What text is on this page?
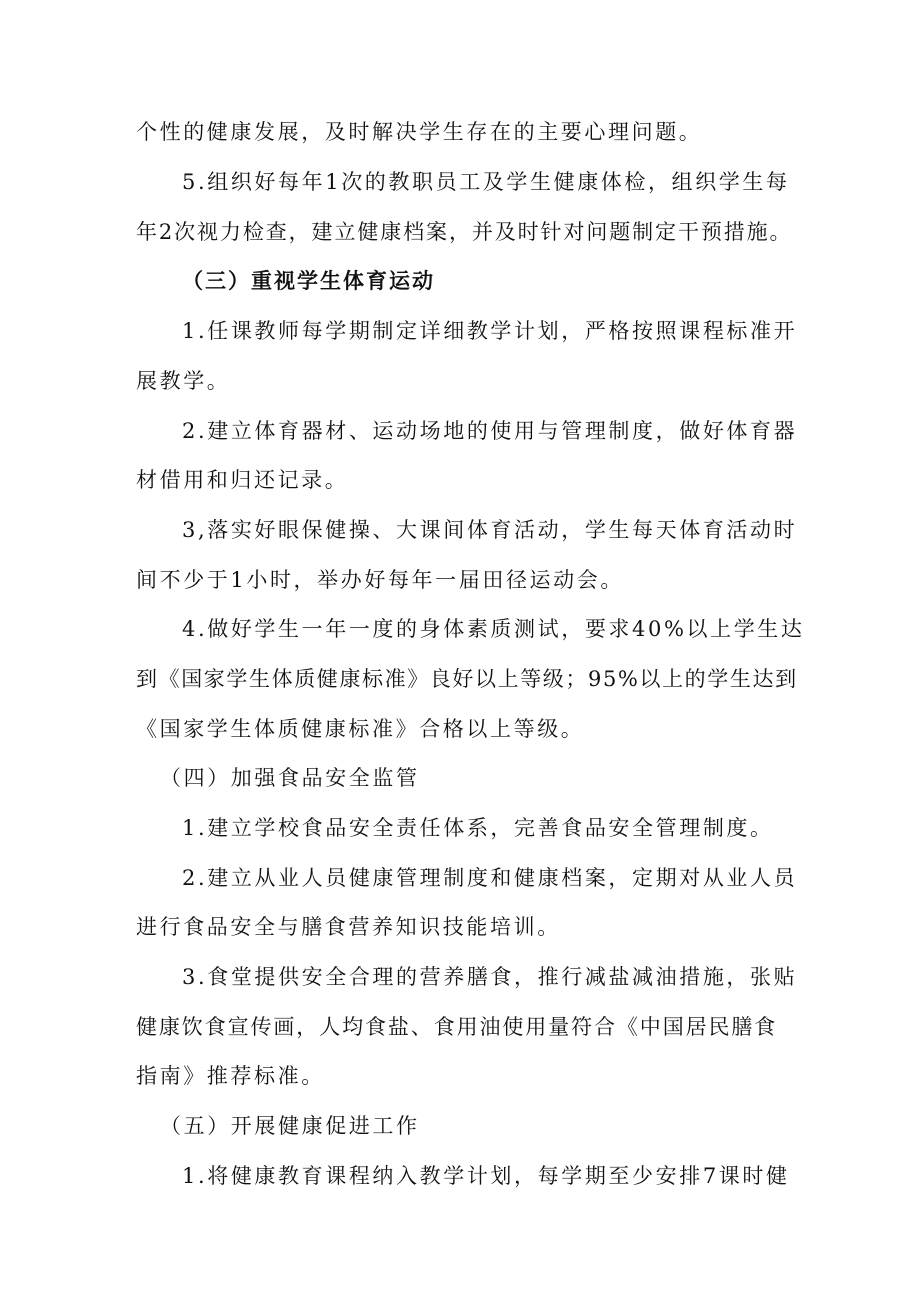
个性的健康发展，及时解决学生存在的主要心理问题。
5.组织好每年1次的教职员工及学生健康体检，组织学生每
年2次视力检查，建立健康档案，并及时针对问题制定干预措施。
（三）重视学生体育运动
1.任课教师每学期制定详细教学计划，严格按照课程标准开
展教学。
2.建立体育器材、运动场地的使用与管理制度，做好体育器
材借用和归还记录。
3,落实好眼保健操、大课间体育活动，学生每天体育活动时
间不少于1小时，举办好每年一届田径运动会。
4.做好学生一年一度的身体素质测试，要求40%以上学生达
到《国家学生体质健康标准》良好以上等级；95%以上的学生达到
《国家学生体质健康标准》合格以上等级。
（四）加强食品安全监管
1.建立学校食品安全责任体系，完善食品安全管理制度。
2.建立从业人员健康管理制度和健康档案，定期对从业人员
进行食品安全与膳食营养知识技能培训。
3.食堂提供安全合理的营养膳食，推行减盐减油措施，张贴
健康饮食宣传画，人均食盐、食用油使用量符合《中国居民膳食
指南》推荐标准。
（五）开展健康促进工作
1.将健康教育课程纳入教学计划，每学期至少安排7课时健
